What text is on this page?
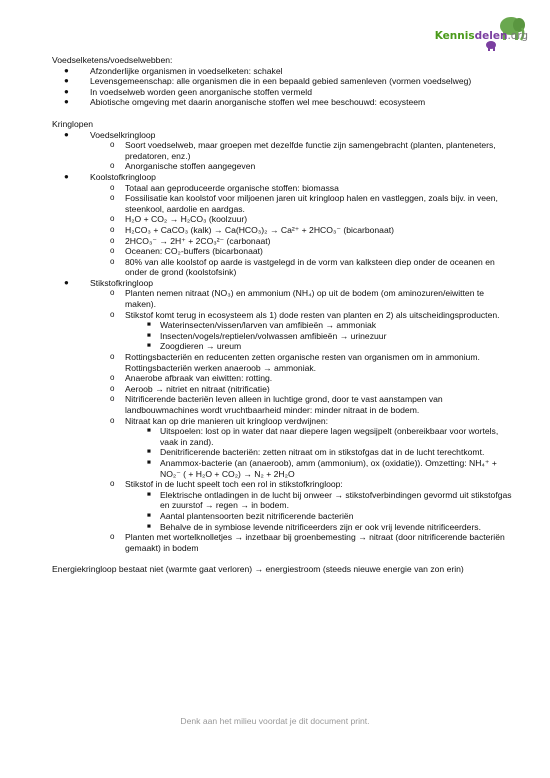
Kennisdelen.org

Voedselketens/voedselwebben:

● Afzonderlijke organismen in voedselketen: schakel
● Levensgemeenschap: alle organismen die in een bepaald gebied samenleven (vormen voedselweg)
● In voedselweb worden geen anorganische stoffen vermeld
● Abiotische omgeving met daarin anorganische stoffen wel mee beschouwd: ecosysteem

Kringlopen

● Voedselkringloop
o Soort voedselweb, maar groepen met dezelfde functie zijn samengebracht (planten, planteneters, predatoren, enz.)
o Anorganische stoffen aangegeven
● Koolstofkringloop
o Totaal aan geproduceerde organische stoffen: biomassa
o Fossilisatie kan koolstof voor miljoenen jaren uit kringloop halen en vastleggen, zoals bijv. in veen, steenkool, aardolie en aardgas.
o H₂O + CO₂ → H₂CO₃ (koolzuur)
o H₂CO₃ + CaCO₃ (kalk) → Ca(HCO₃)₂ → Ca²⁺ + 2HCO₃⁻ (bicarbonaat)
o 2HCO₃⁻ → 2H⁺ + 2CO₃²⁻ (carbonaat)
o Oceanen: CO₂-buffers (bicarbonaat)
o 80% van alle koolstof op aarde is vastgelegd in de vorm van kalksteen diep onder de oceanen en onder de grond (koolstofsink)
● Stikstofkringloop
o Planten nemen nitraat (NO₃) en ammonium (NH₄) op uit de bodem (om aminozuren/eiwitten te maken).
o Stikstof komt terug in ecosysteem als 1) dode resten van planten en 2) als uitscheidingsproducten.
■ Waterinsecten/vissen/larven van amfibieën → ammoniak
■ Insecten/vogels/reptielen/volwassen amfibieën → urinezuur
■ Zoogdieren → ureum
o Rottingsbacteriën en reducenten zetten organische resten van organismen om in ammonium. Rottingsbacteriën werken anaeroob → ammoniak.
o Anaerobe afbraak van eiwitten: rotting.
o Aeroob → nitriet en nitraat (nitrificatie)
o Nitrificerende bacteriën leven alleen in luchtige grond, door te vast aanstampen van landbouwmachines wordt vruchtbaarheid minder: minder nitraat in de bodem.
o Nitraat kan op drie manieren uit kringloop verdwijnen:
■ Uitspoelen: lost op in water dat naar diepere lagen wegsijpelt (onbereikbaar voor wortels, vaak in zand).
■ Denitrificerende bacteriën: zetten nitraat om in stikstofgas dat in de lucht terechtkomt.
■ Anammox-bacterie (an (anaeroob), amm (ammonium), ox (oxidatie)). Omzetting: NH₄⁺ + NO₂⁻ ( + H₂O + CO₂) → N₂ + 2H₂O
o Stikstof in de lucht speelt toch een rol in stikstofkringloop:
■ Elektrische ontladingen in de lucht bij onweer → stikstofverbindingen gevormd uit stikstofgas en zuurstof → regen → in bodem.
■ Aantal plantensoorten bezit nitrificerende bacteriën
■ Behalve de in symbiose levende nitrificeerders zijn er ook vrij levende nitrificeerders.
o Planten met wortelknolletjes → inzetbaar bij groenbemesting → nitraat (door nitrificerende bacteriën gemaakt) in bodem

Energiekringloop bestaat niet (warmte gaat verloren) → energiestroom (steeds nieuwe energie van zon erin)

Denk aan het milieu voordat je dit document print.
